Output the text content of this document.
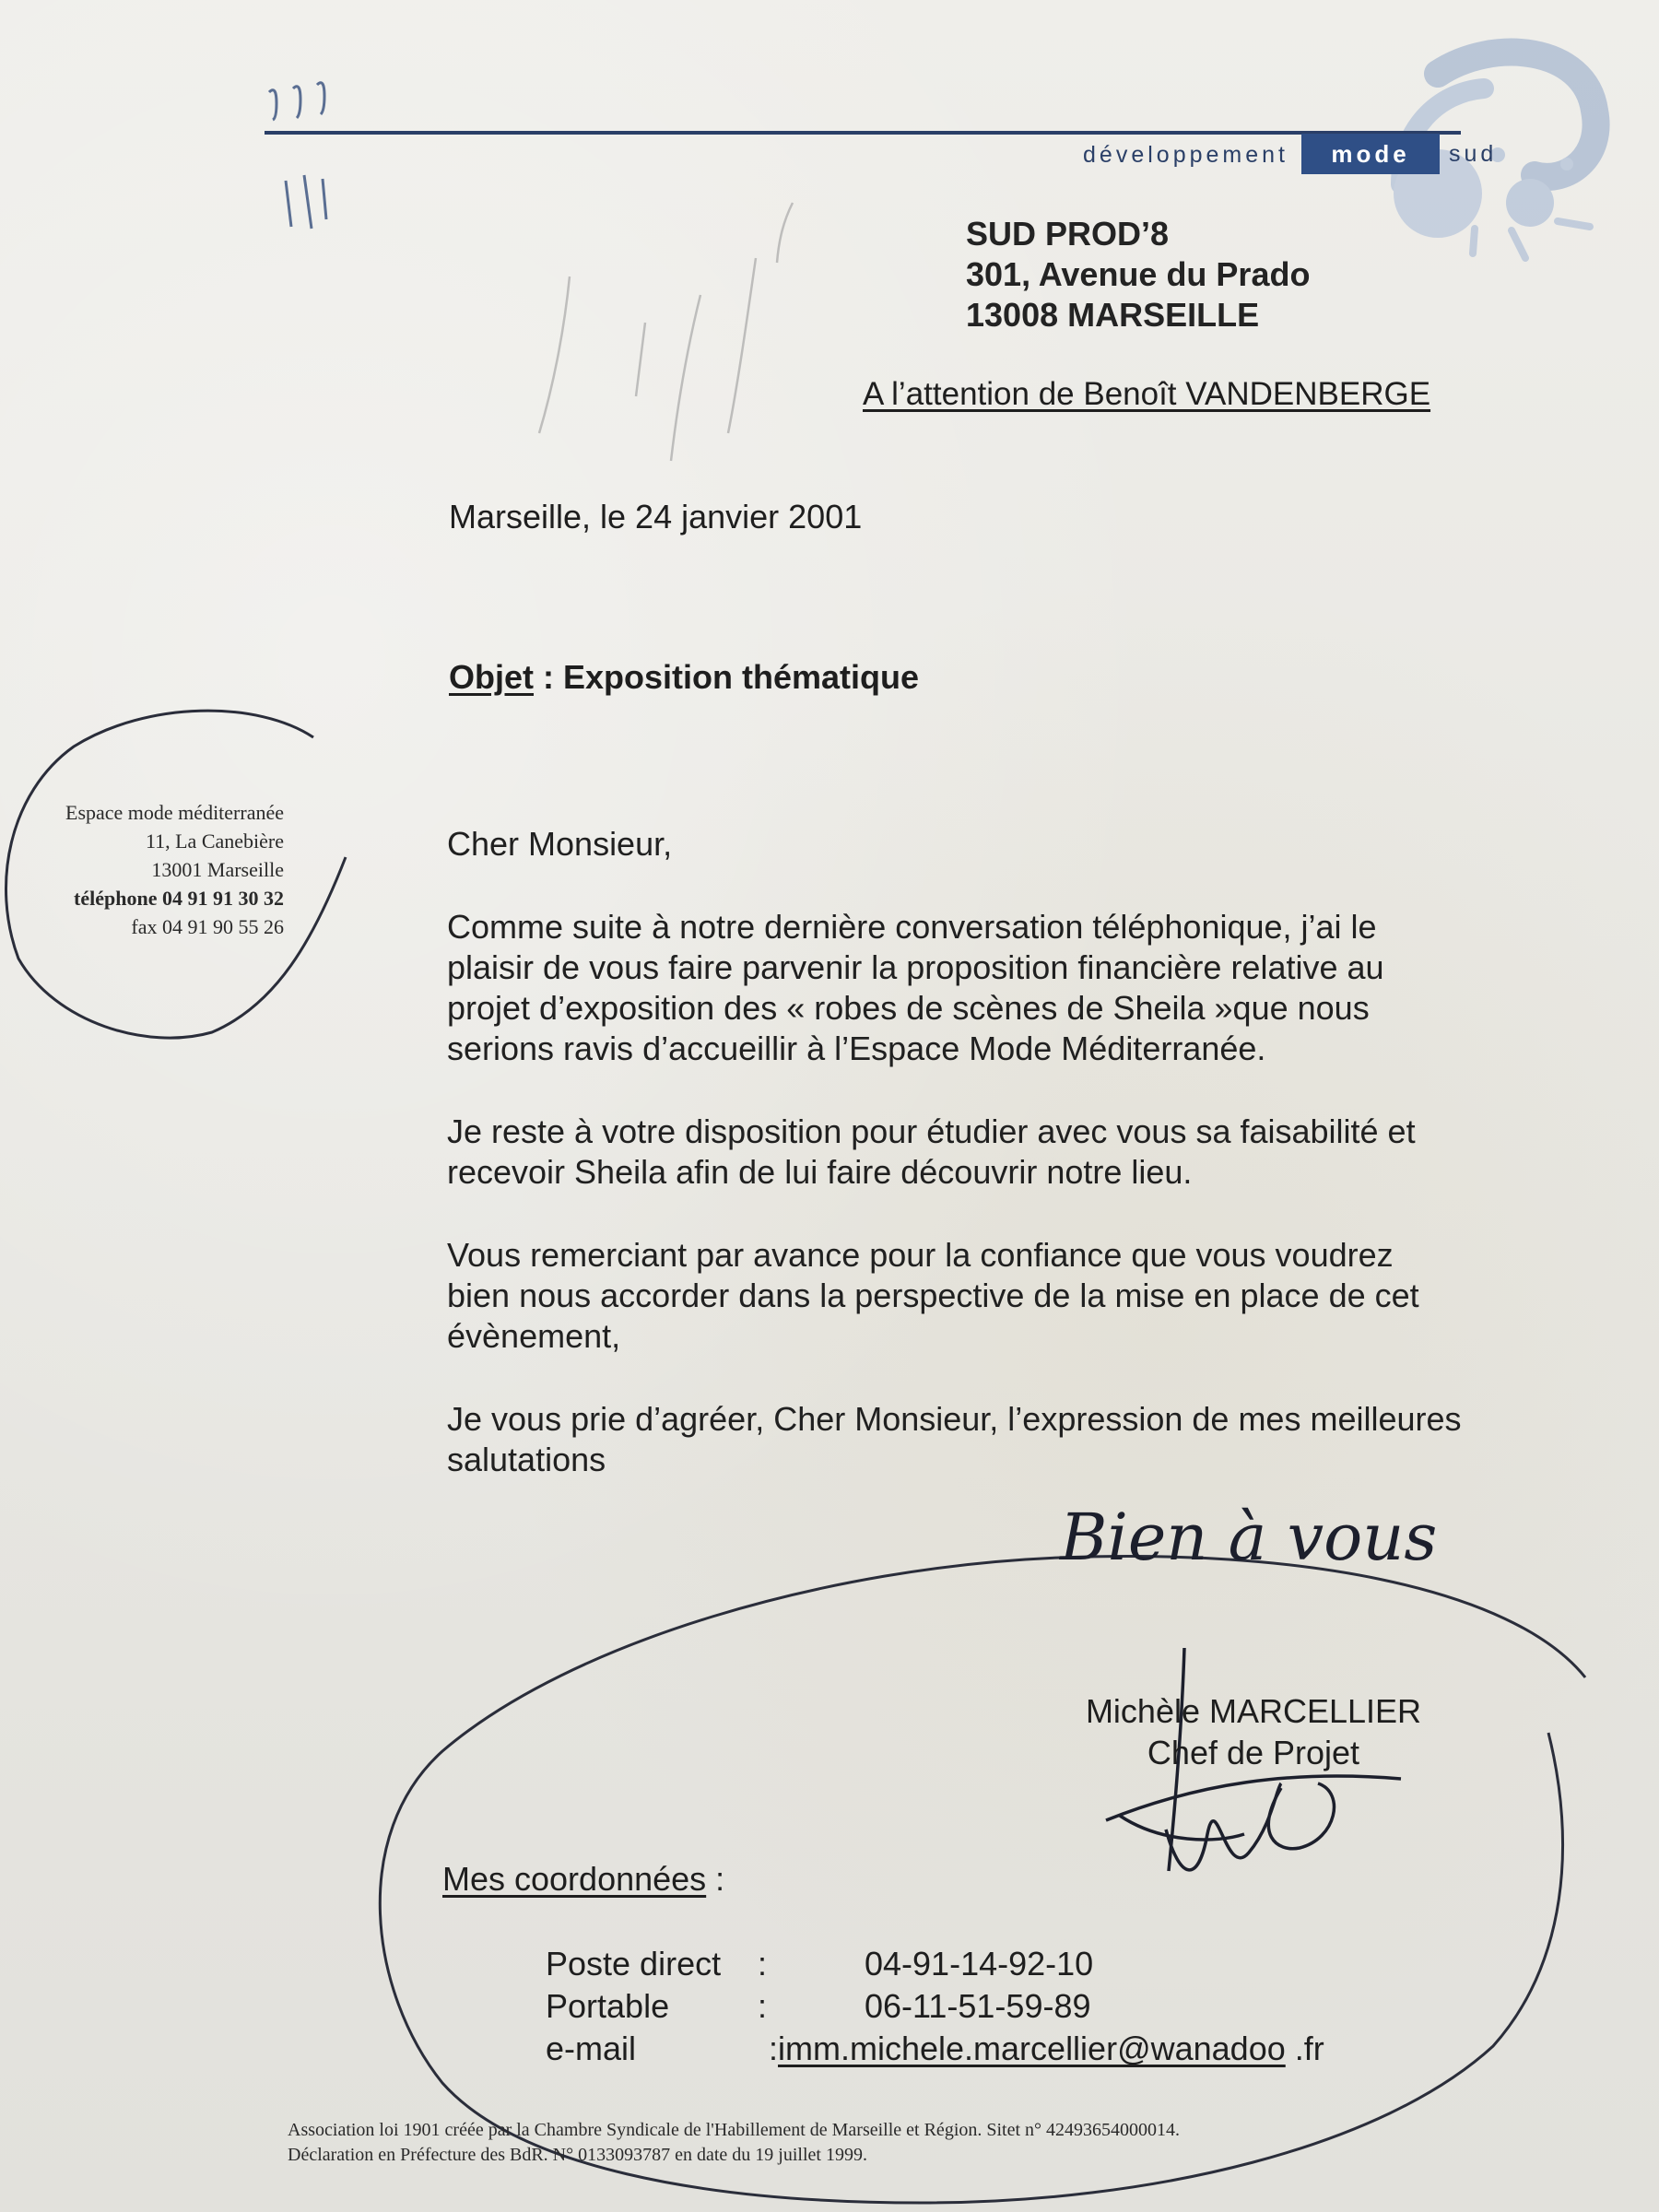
développement	mode	sud
SUD PROD’8
301, Avenue du Prado
13008 MARSEILLE
A l’attention de Benoît VANDENBERGE
Marseille, le 24 janvier 2001
Objet : Exposition thématique
Espace mode méditerranée
11, La Canebière
13001 Marseille
téléphone 04 91 91 30 32
fax 04 91 90 55 26
Cher Monsieur,

Comme suite à notre dernière conversation téléphonique, j’ai le

plaisir de vous faire parvenir la proposition financière relative au

projet d’exposition des « robes de scènes de Sheila »que nous

serions ravis d’accueillir à l’Espace Mode Méditerranée.

Je reste à votre disposition pour étudier avec vous sa faisabilité et

recevoir Sheila afin de lui faire découvrir notre lieu.

Vous remerciant par avance pour la confiance que vous voudrez

bien nous accorder dans la perspective de la mise en place de cet

évènement,

Je vous prie d’agréer, Cher Monsieur, l’expression de mes meilleures

salutations

Bien à vous
Michèle MARCELLIER
Chef de Projet
Mes coordonnées :
Poste direct :	04-91-14-92-10
Portable	:	06-11-51-59-89
e-mail	:imm.michele.marcellier@wanadoo .fr
Association loi 1901 créée par la Chambre Syndicale de l'Habillement de Marseille et Région. Sitet n° 42493654000014.
Déclaration en Préfecture des BdR. N° 0133093787 en date du 19 juillet 1999.
